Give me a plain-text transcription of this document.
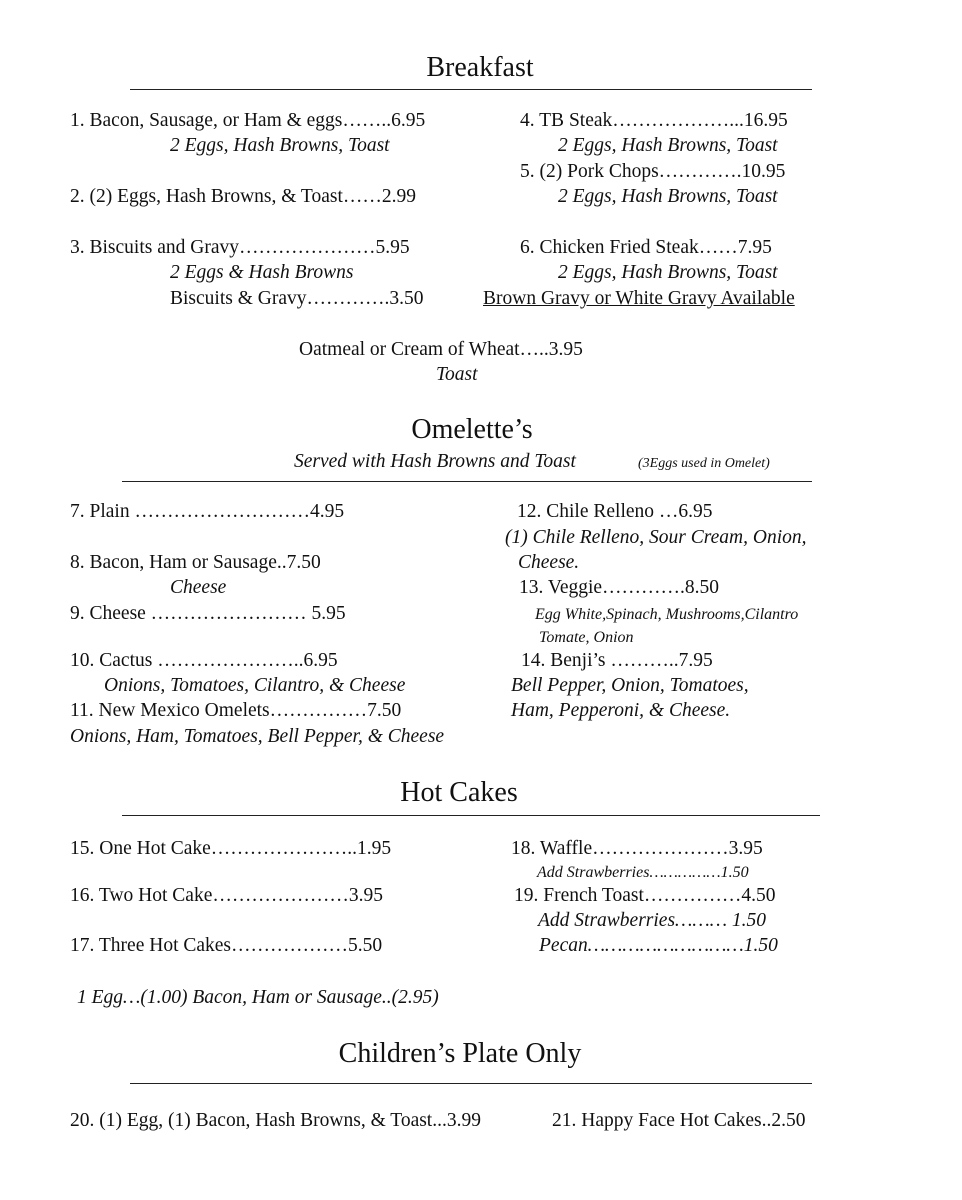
Breakfast
1. Bacon, Sausage, or Ham & eggs……..6.95
2 Eggs, Hash Browns, Toast
2. (2) Eggs, Hash Browns, & Toast……2.99
3. Biscuits and Gravy…………………5.95
2 Eggs & Hash Browns
Biscuits & Gravy………….3.50
4. TB Steak………………...16.95
2 Eggs, Hash Browns, Toast
5. (2) Pork Chops………….10.95
2 Eggs, Hash Browns, Toast
6. Chicken Fried Steak……7.95
2 Eggs, Hash Browns, Toast
Brown Gravy or White Gravy Available
Oatmeal or Cream of Wheat…..3.95
Toast
Omelette’s
Served with Hash Browns and Toast	(3Eggs used in Omelet)
7. Plain ………………………4.95
8. Bacon, Ham or Sausage..7.50
Cheese
9. Cheese …………………… 5.95
10. Cactus …………………..6.95
Onions, Tomatoes, Cilantro, & Cheese
11. New Mexico Omelets……………7.50
Onions, Ham, Tomatoes, Bell Pepper, & Cheese
12. Chile Relleno …6.95
(1) Chile Relleno, Sour Cream, Onion,
Cheese.
13. Veggie………….8.50
Egg White,Spinach, Mushrooms,Cilantro
Tomate, Onion
14. Benji’s ………..7.95
Bell Pepper, Onion, Tomatoes,
Ham, Pepperoni, & Cheese.
Hot Cakes
15. One Hot Cake…………………..1.95
16. Two Hot Cake…………………3.95
17. Three Hot Cakes………………5.50
18. Waffle…………………3.95
Add Strawberries……………1.50
19. French Toast……………4.50
Add Strawberries……… 1.50
Pecan………………………1.50
1 Egg…(1.00) Bacon, Ham or Sausage..(2.95)
Children’s Plate Only
20. (1) Egg, (1) Bacon, Hash Browns, & Toast...3.99	21. Happy Face Hot Cakes..2.50
